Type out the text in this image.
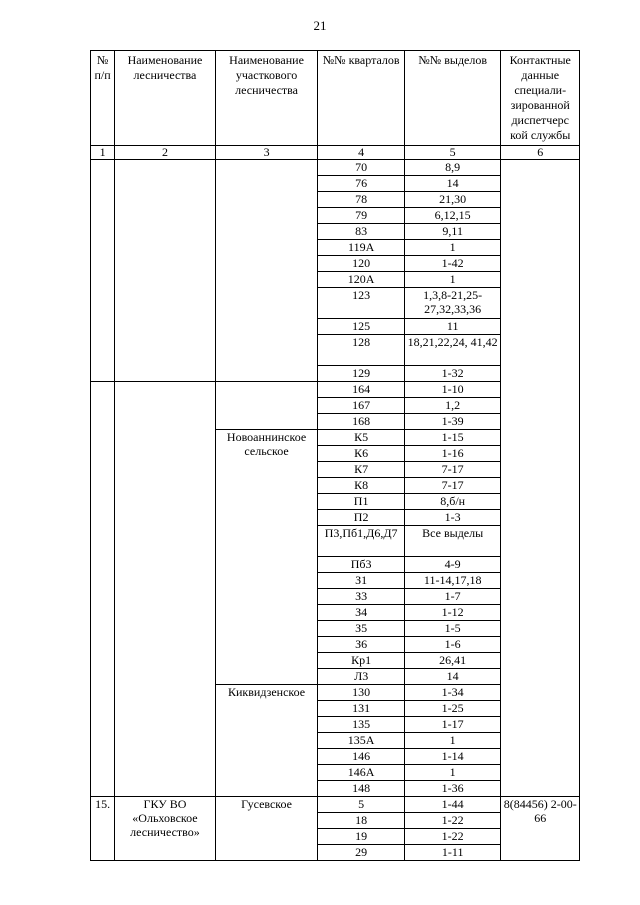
21
№ п/п	Наименование лесничества	Наименование участкового лесничества	№№ кварталов	№№ выделов	Контактные данные специали-зированной диспетчерс кой службы
1	2	3	4	5	6
			70	8,9	
			76	14	
			78	21,30	
			79	6,12,15	
			83	9,11	
			119А	1	
			120	1-42	
			120А	1	
			123	1,3,8-21,25-27,32,33,36	
			125	11	
			128	18,21,22,24, 41,42	
			129	1-32	
			164	1-10	
			167	1,2	
			168	1-39	
		Новоаннинское сельское	К5	1-15	
			К6	1-16	
			К7	7-17	
			К8	7-17	
			П1	8,б/н	
			П2	1-3	
			П3,Пб1,Д6,Д7	Все выделы	
			Пб3	4-9	
			З1	11-14,17,18	
			З3	1-7	
			З4	1-12	
			З5	1-5	
			З6	1-6	
			Кр1	26,41	
			Л3	14	
		Киквидзенское	130	1-34	
			131	1-25	
			135	1-17	
			135А	1	
			146	1-14	
			146А	1	
			148	1-36	
15.	ГКУ ВО «Ольховское лесничество»	Гусевское	5	1-44	8(84456) 2-00-66
			18	1-22	
			19	1-22	
			29	1-11	
